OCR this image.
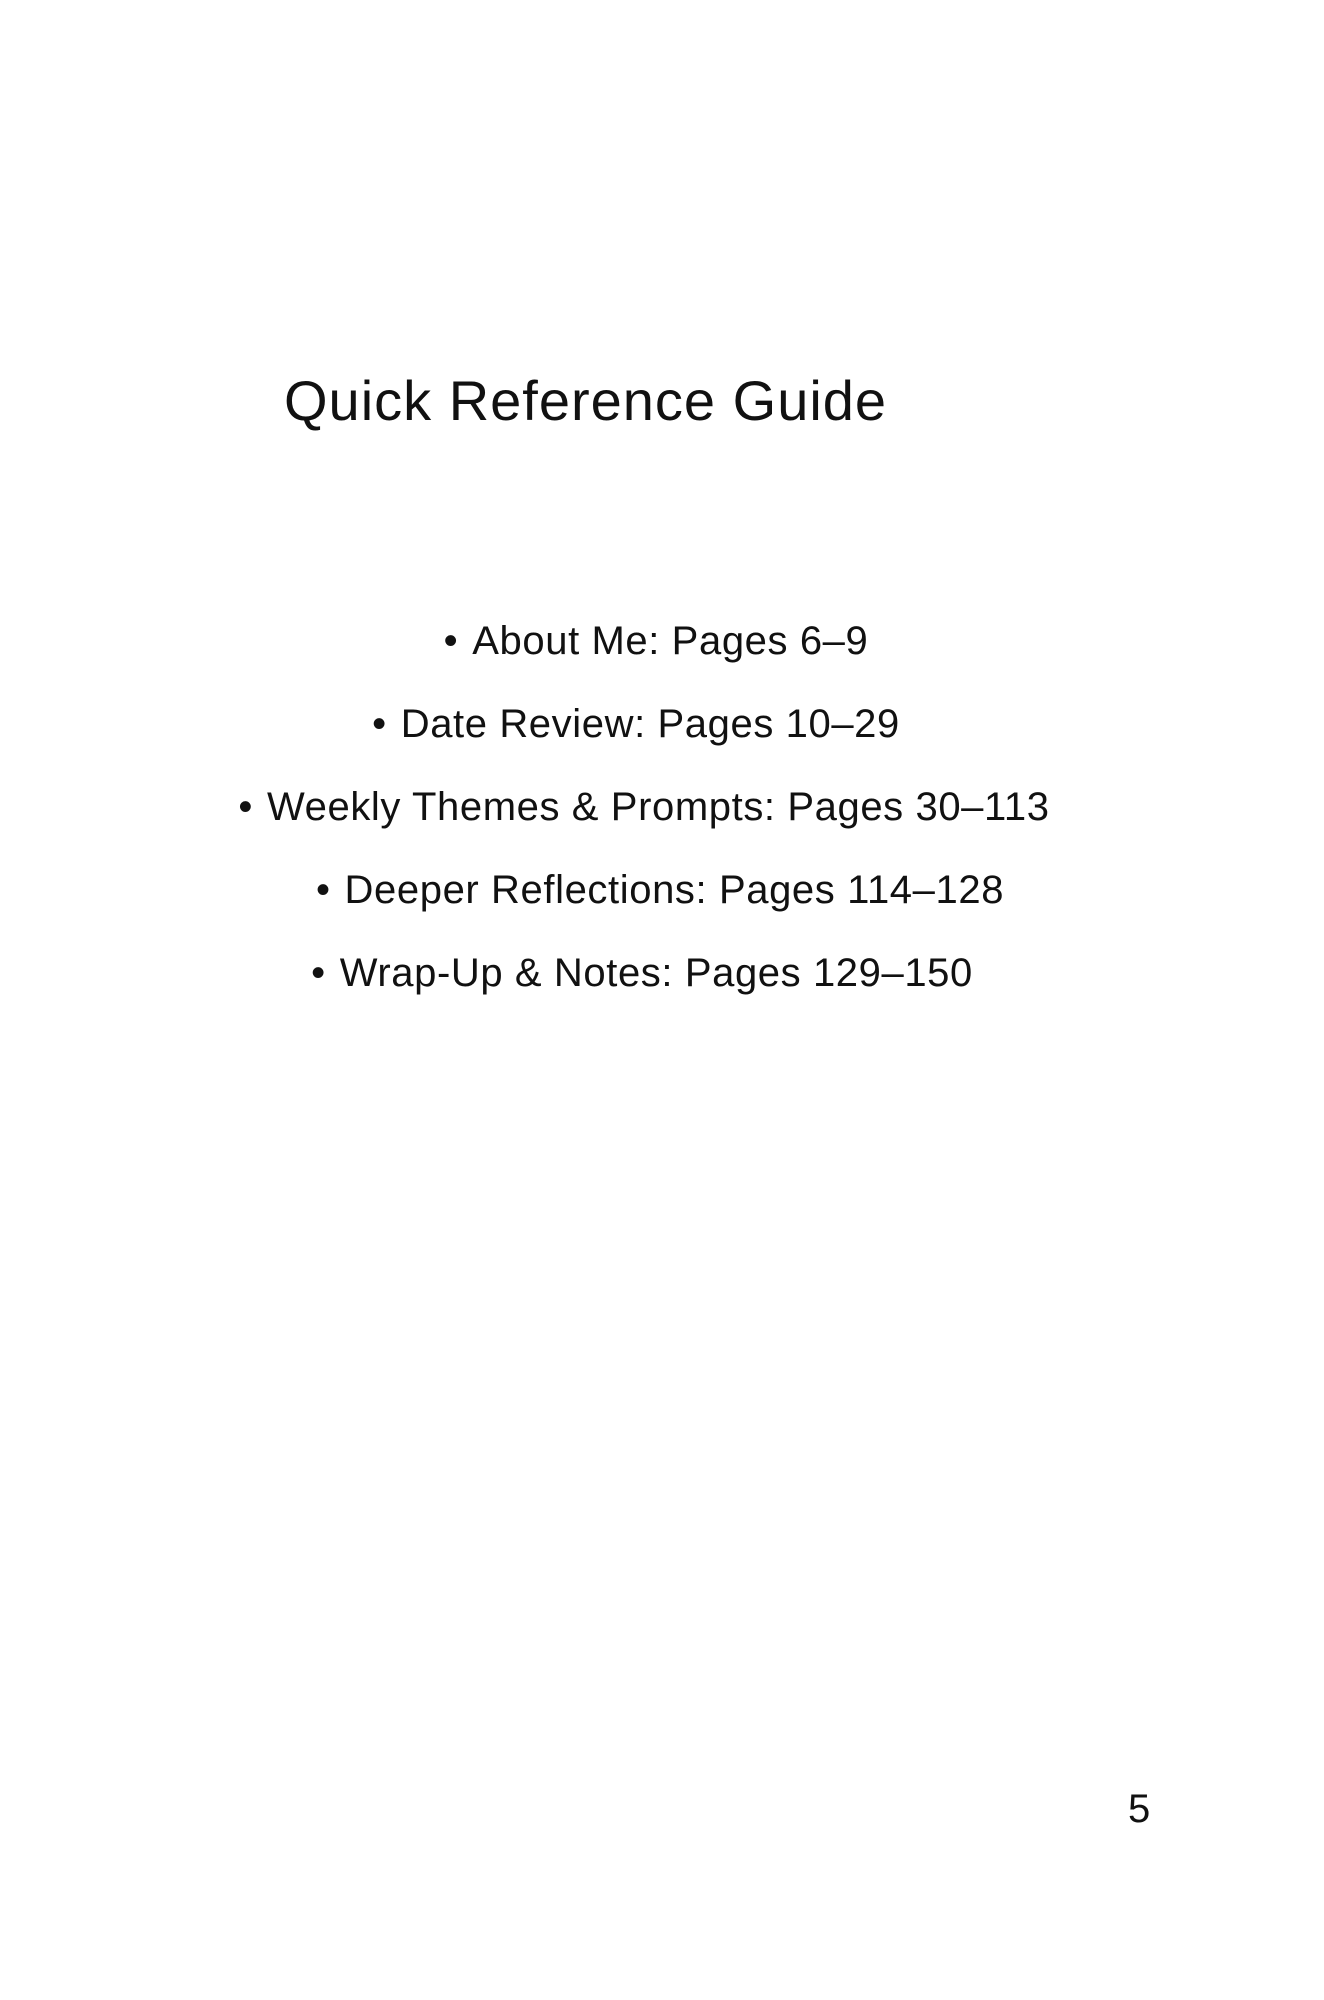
Quick Reference Guide
• About Me: Pages 6–9
• Date Review: Pages 10–29
• Weekly Themes & Prompts: Pages 30–113
• Deeper Reflections: Pages 114–128
• Wrap-Up & Notes: Pages 129–150
5
